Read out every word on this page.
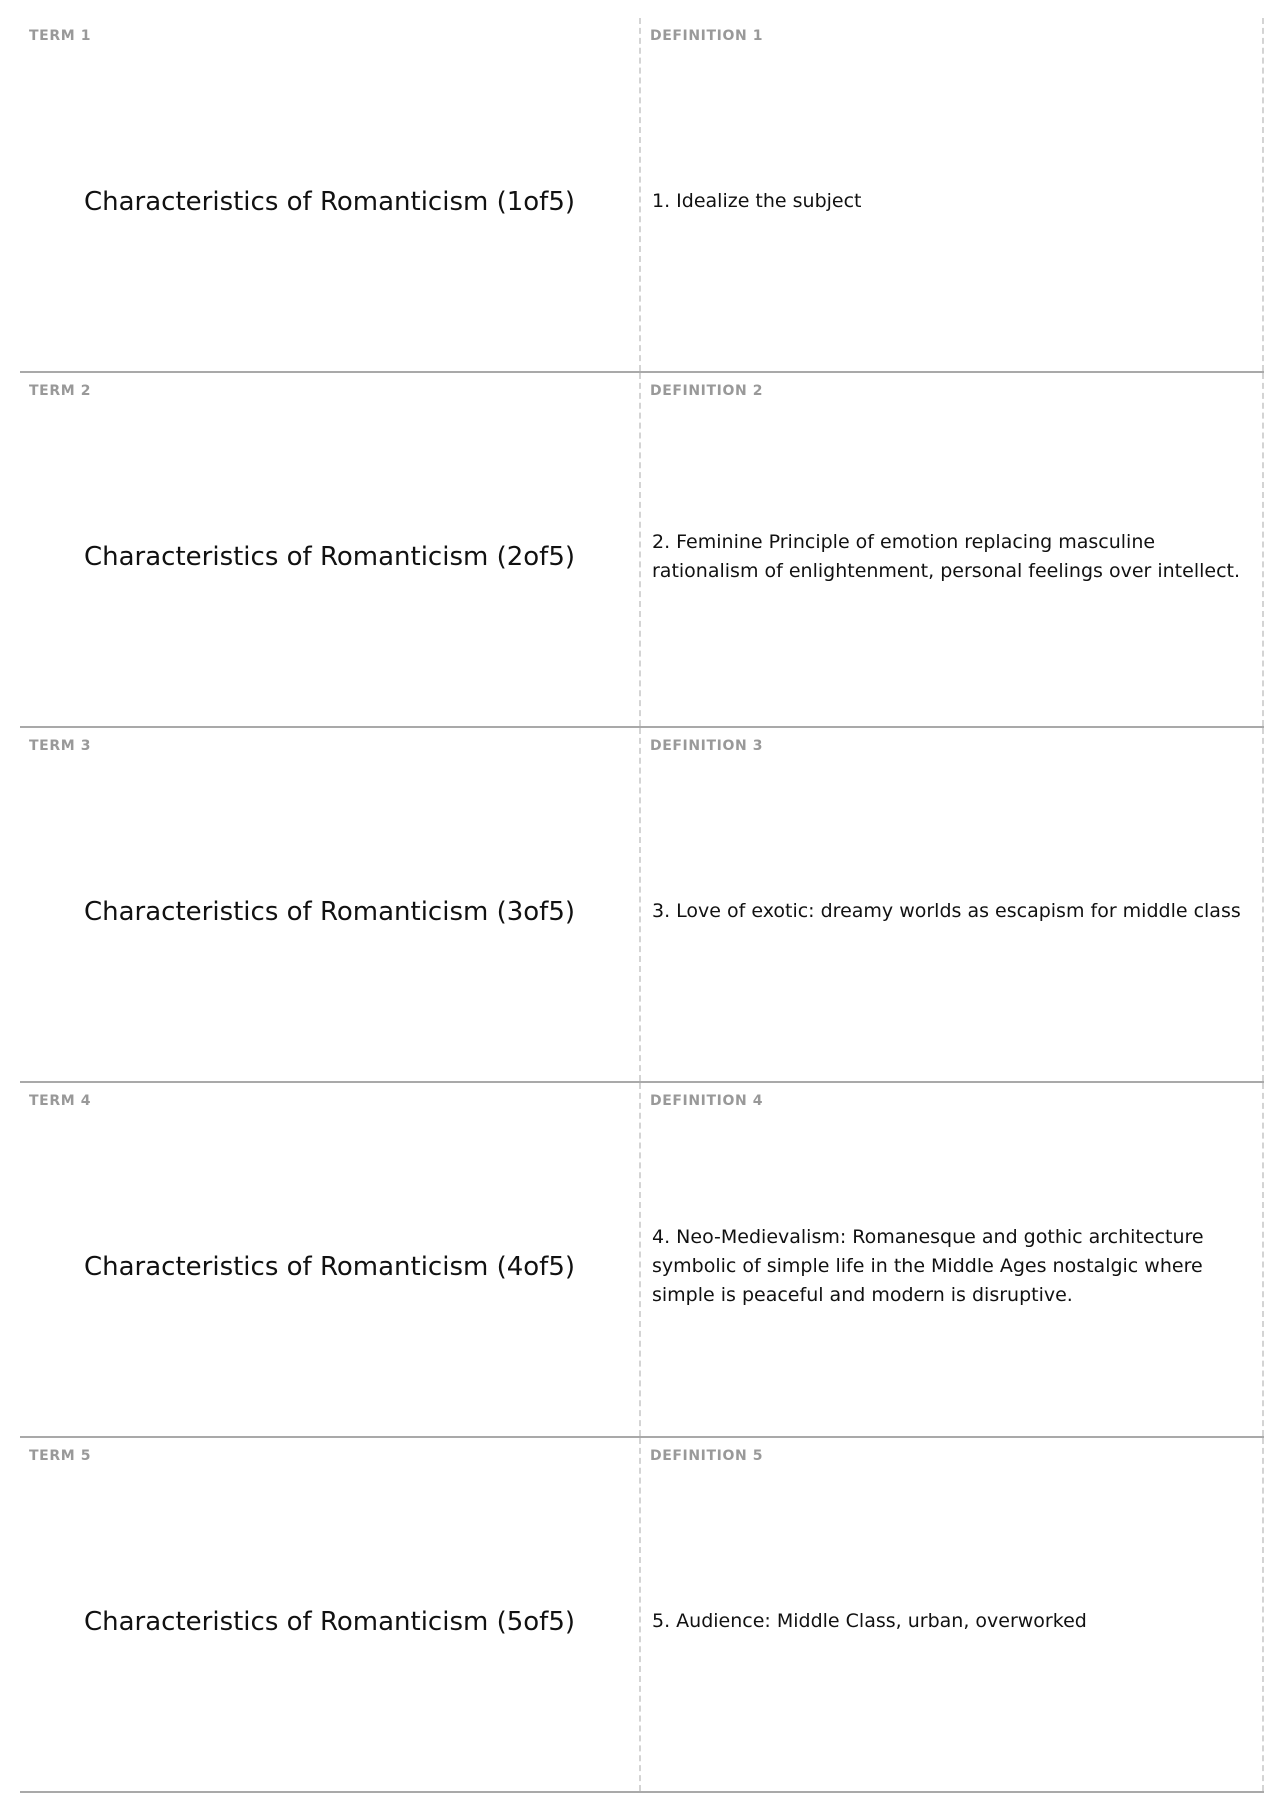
TERM 1
Characteristics of Romanticism (1of5)
DEFINITION 1
1. Idealize the subject
TERM 2
Characteristics of Romanticism (2of5)
DEFINITION 2
2. Feminine Principle of emotion replacing masculine rationalism of enlightenment, personal feelings over intellect.
TERM 3
Characteristics of Romanticism (3of5)
DEFINITION 3
3. Love of exotic: dreamy worlds as escapism for middle class
TERM 4
Characteristics of Romanticism (4of5)
DEFINITION 4
4. Neo-Medievalism: Romanesque and gothic architecture symbolic of simple life in the Middle Ages nostalgic where simple is peaceful and modern is disruptive.
TERM 5
Characteristics of Romanticism (5of5)
DEFINITION 5
5. Audience: Middle Class, urban, overworked
